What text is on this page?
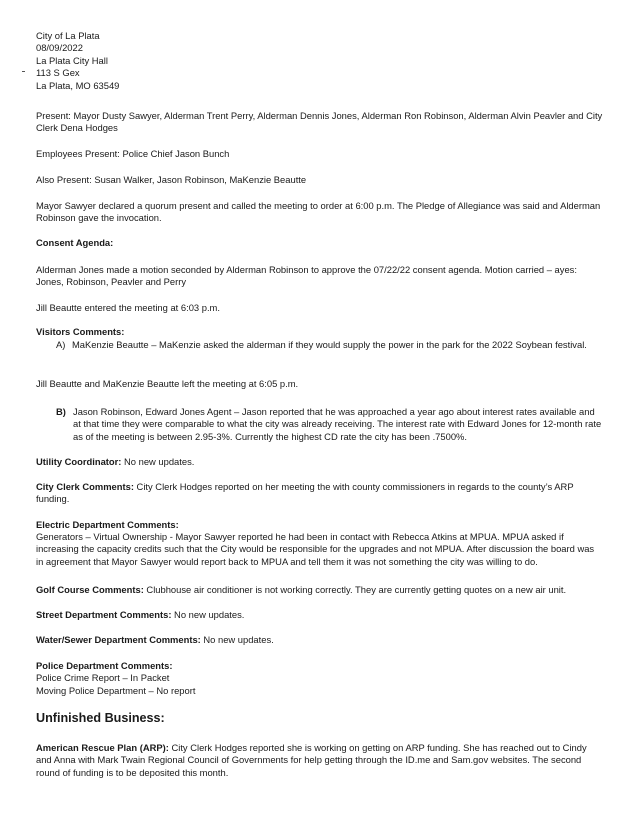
City of La Plata
08/09/2022
La Plata City Hall
113 S Gex
La Plata, MO 63549

Present: Mayor Dusty Sawyer, Alderman Trent Perry, Alderman Dennis Jones, Alderman Ron Robinson, Alderman Alvin Peavler and City Clerk Dena Hodges

Employees Present: Police Chief Jason Bunch

Also Present: Susan Walker, Jason Robinson, MaKenzie Beautte

Mayor Sawyer declared a quorum present and called the meeting to order at 6:00 p.m. The Pledge of Allegiance was said and Alderman Robinson gave the invocation.

Consent Agenda:

Alderman Jones made a motion seconded by Alderman Robinson to approve the 07/22/22 consent agenda. Motion carried – ayes: Jones, Robinson, Peavler and Perry

Jill Beautte entered the meeting at 6:03 p.m.

Visitors Comments:

A) MaKenzie Beautte – MaKenzie asked the alderman if they would supply the power in the park for the 2022 Soybean festival.

Jill Beautte and MaKenzie Beautte left the meeting at 6:05 p.m.

B) Jason Robinson, Edward Jones Agent – Jason reported that he was approached a year ago about interest rates available and at that time they were comparable to what the city was already receiving. The interest rate with Edward Jones for 12-month rate as of the meeting is between 2.95-3%. Currently the highest CD rate the city has been .7500%.

Utility Coordinator: No new updates.

City Clerk Comments: City Clerk Hodges reported on her meeting the with county commissioners in regards to the county’s ARP funding.

Electric Department Comments:

Generators – Virtual Ownership - Mayor Sawyer reported he had been in contact with Rebecca Atkins at MPUA. MPUA asked if increasing the capacity credits such that the City would be responsible for the upgrades and not MPUA. After discussion the board was in agreement that Mayor Sawyer would report back to MPUA and tell them it was not something the city was willing to do.

Golf Course Comments: Clubhouse air conditioner is not working correctly. They are currently getting quotes on a new air unit.

Street Department Comments: No new updates.

Water/Sewer Department Comments: No new updates.

Police Department Comments:
Police Crime Report – In Packet
Moving Police Department – No report

Unfinished Business:

American Rescue Plan (ARP): City Clerk Hodges reported she is working on getting on ARP funding. She has reached out to Cindy and Anna with Mark Twain Regional Council of Governments for help getting through the ID.me and Sam.gov websites. The second round of funding is to be deposited this month.
